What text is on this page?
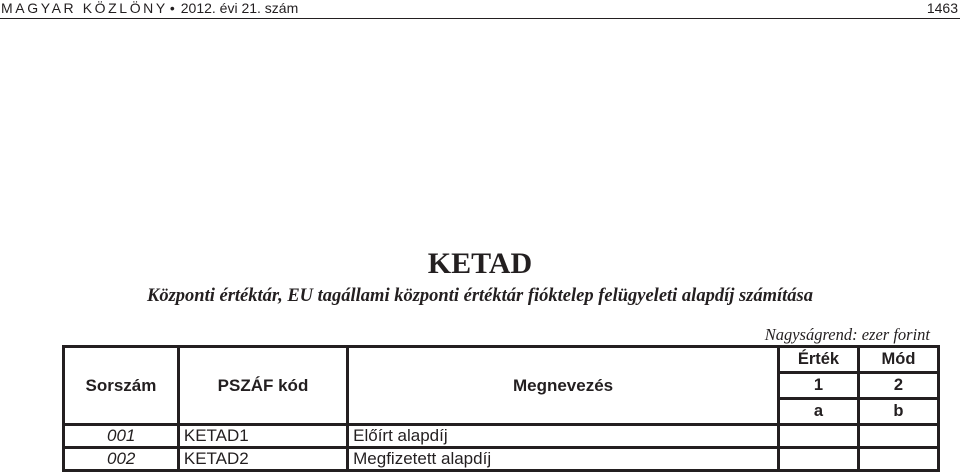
MAGYAR KÖZLÖNY • 2012. évi 21. szám	1463
KETAD
Központi értéktár, EU tagállami központi értéktár fióktelep felügyeleti alapdíj számítása
Nagyságrend: ezer forint
Sorszám	PSZÁF kód	Megnevezés	Érték	Mód
			1	2
			a	b
001	KETAD1	Előírt alapdíj		
002	KETAD2	Megfizetett alapdíj		
